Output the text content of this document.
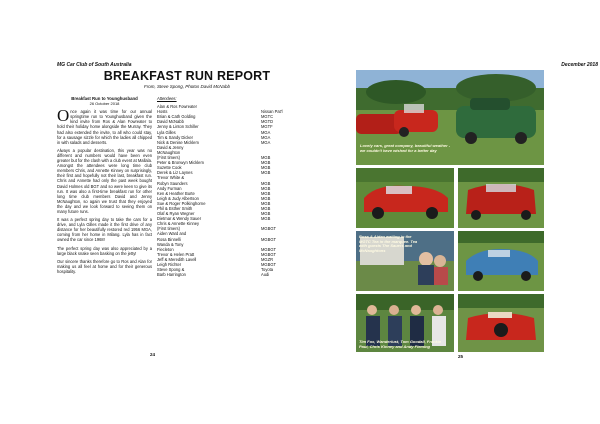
MG Car Club of South Australia
BREAKFAST RUN REPORT
From, Steve Spong, Photos David McNabb
Breakfast Run to Younghusband
26 October 2018

Once again it was time for our annual springtime run to Younghusband given the kind invite from Ros & Alan Fowreater to hold their holiday home alongside the Murray. They had also extended the invite, to all who could stay, for a sausage sizzle for which the ladies all chipped in with salads and desserts.

Always a popular destination, this year was no different and numbers would have been even greater but for the clash with a club event at Mallala. Amongst the attendees were long time club members Chris, and Annette Kinney on surprisingly, their first and hopefully not their last, breakfast run. Chris and Annette had only the past week bought David Holmes old BGT and so were keen to give its run. It was also a first-time breakfast run for other long time club members David and Jenny McNaughton, so again we trust that they enjoyed the day and we look forward to seeing them on many future runs.

It was a perfect spring day to take the cars for a drive, and Lyla Gilles made it the first drive of any distance for her beautifully restored red 1956 MGA, coming from her home in Milang. Lyla has in fact owned the car since 1968!

The perfect spring day was also appreciated by a large black snake seen basking on the jetty!

Our sincere thanks therefore go to Ros and Alan for making us all feel at home and for their generous hospitality.

Attendees:
Alan & Ros Fowreater
Hosts	Nissan Pat'l
Brian & Cath Golding	MGTC
David McNabb	MGTD
Jenny & Linton Schiller	MGTF
Lyla Gilles	MGA
Tim & Sandy Dicker	MGA
Nick & Denise Micklem	MGA
David & Jenny
McNaughton
(First timers)	MGB
Peter & Bronwyn Micklem	MGB
Suzette Cook	MGB
Derek & Liz Laynes	MGB
Trevor White &
Robyn Saunders	MGB
Andy Furman	MGB
Ken & Heather Burte	MGB
Leigh & Judy Albertson	MGB
Sue & Roger Polkinghorne	MGB
Phil & Esther Smith	MGB
Olaf & Ryan Wegner	MGB
Dietmar & Wendy Sauer	MGB
Chris & Annette Kinney
(First timers)	MGBGT
Aiden Ward and
Rosa Binnelli	MGBGT
Wanda & Tony
Fiecleton	MGBGT
Trevor & Helen Pratt	MGBGT
Jeff & Meredith Lavell	MGZR
Leigh Richter	MGBGT
Steve Spong &	Toyota
Barb Harrington	Audi
24
December 2018
Lovely cars, great company, beautiful weather - we couldn't have wished for a better day
Rosa & Aiden waiting in the MGTC Tea in the marquee. Tea with guests The Sauers and McNaughtons
Tim Fox, Wanderlust, Tom Goodall, Frankie Paul, Chris Kinney and Andy Fleming
25
